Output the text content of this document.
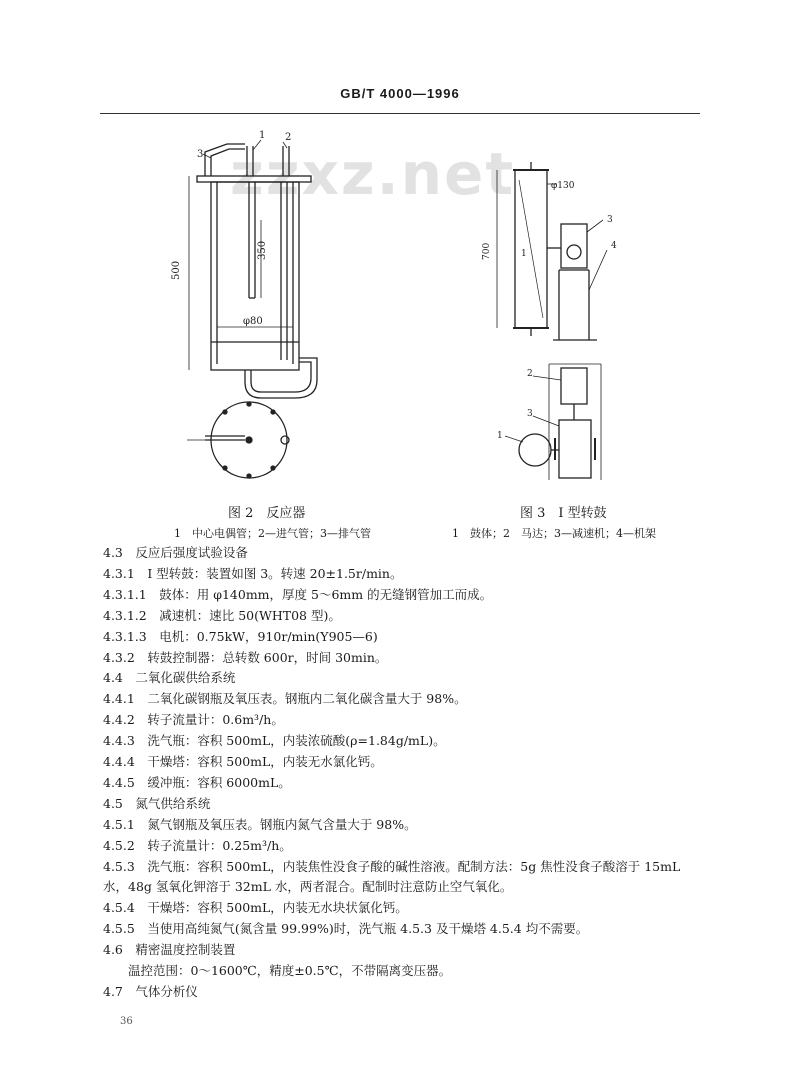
GB/T 4000—1996
zzxz.net
3
1 2
500
350
φ80
图 2　反应器
1　中心电偶管；2—进气管；3—排气管
700
φ130
1
3
4
2
3
1
图 3　I 型转鼓
1　鼓体；2　马达；3—减速机；4—机架
4.3　反应后强度试验设备
4.3.1　I 型转鼓：装置如图 3。转速 20±1.5r/min。
4.3.1.1　鼓体：用 φ140mm，厚度 5～6mm 的无缝钢管加工而成。
4.3.1.2　减速机：速比 50(WHT08 型)。
4.3.1.3　电机：0.75kW，910r/min(Y905—6)
4.3.2　转鼓控制器：总转数 600r，时间 30min。
4.4　二氧化碳供给系统
4.4.1　二氧化碳钢瓶及氧压表。钢瓶内二氧化碳含量大于 98%。
4.4.2　转子流量计：0.6m³/h。
4.4.3　洗气瓶：容积 500mL，内装浓硫酸(ρ=1.84g/mL)。
4.4.4　干燥塔：容积 500mL，内装无水氯化钙。
4.4.5　缓冲瓶：容积 6000mL。
4.5　氮气供给系统
4.5.1　氮气钢瓶及氧压表。钢瓶内氮气含量大于 98%。
4.5.2　转子流量计：0.25m³/h。
4.5.3　洗气瓶：容积 500mL，内装焦性没食子酸的碱性溶液。配制方法：5g 焦性没食子酸溶于 15mL
水，48g 氢氧化钾溶于 32mL 水，两者混合。配制时注意防止空气氧化。
4.5.4　干燥塔：容积 500mL，内装无水块状氯化钙。
4.5.5　当使用高纯氮气(氮含量 99.99%)时，洗气瓶 4.5.3 及干燥塔 4.5.4 均不需要。
4.6　精密温度控制装置
温控范围：0～1600℃，精度±0.5℃，不带隔离变压器。
4.7　气体分析仪
36
